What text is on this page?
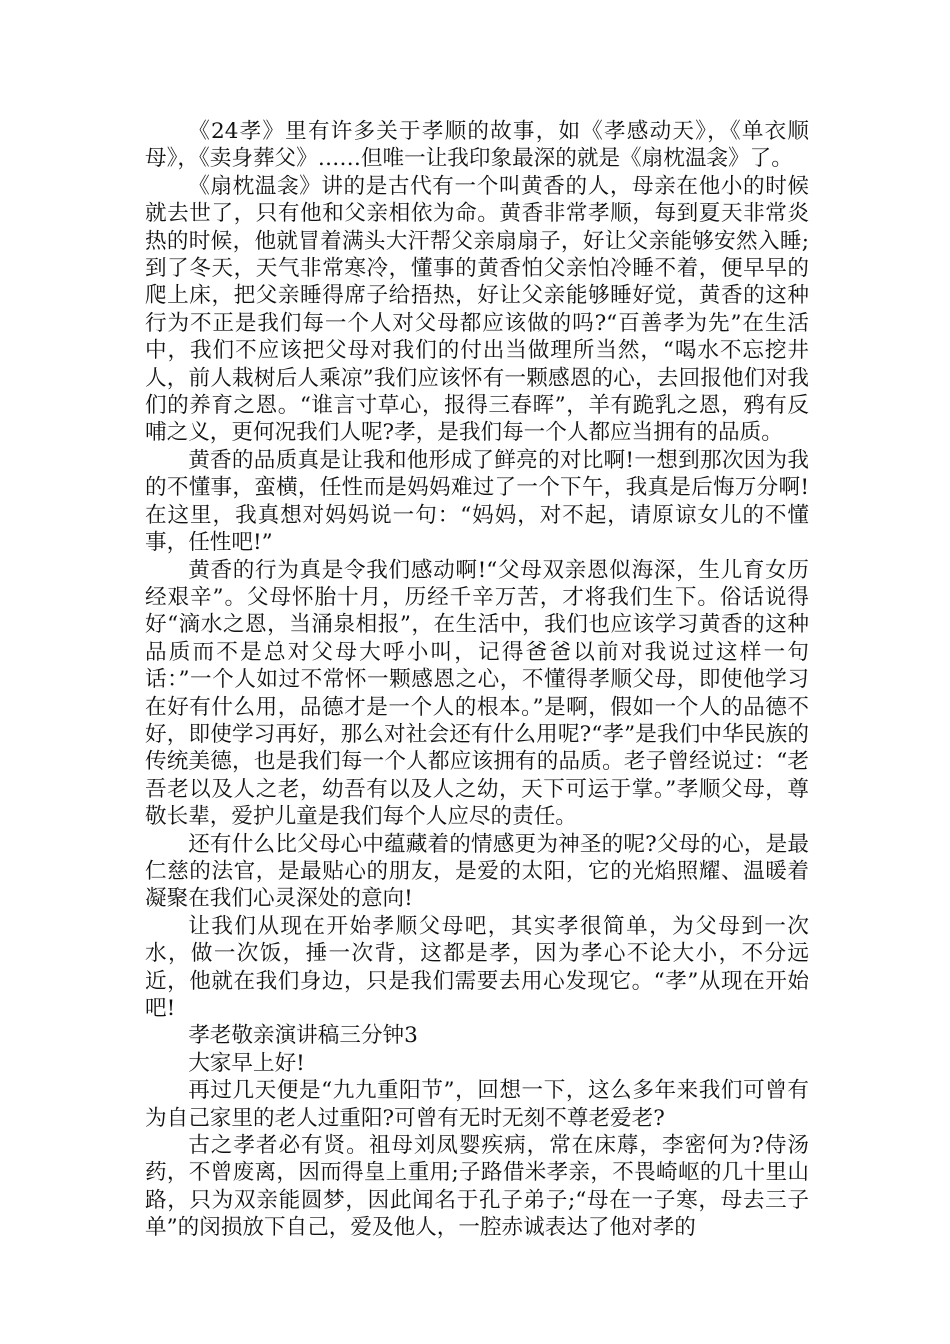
《24孝》里有许多关于孝顺的故事，如《孝感动天》，《单衣顺母》，《卖身葬父》……但唯一让我印象最深的就是《扇枕温衾》了。

《扇枕温衾》讲的是古代有一个叫黄香的人，母亲在他小的时候就去世了，只有他和父亲相依为命。黄香非常孝顺，每到夏天非常炎热的时候，他就冒着满头大汗帮父亲扇扇子，好让父亲能够安然入睡;到了冬天，天气非常寒冷，懂事的黄香怕父亲怕冷睡不着，便早早的爬上床，把父亲睡得席子给捂热，好让父亲能够睡好觉，黄香的这种行为不正是我们每一个人对父母都应该做的吗?“百善孝为先”在生活中，我们不应该把父母对我们的付出当做理所当然，“喝水不忘挖井人，前人栽树后人乘凉”我们应该怀有一颗感恩的心，去回报他们对我们的养育之恩。“谁言寸草心，报得三春晖”，羊有跪乳之恩，鸦有反哺之义，更何况我们人呢?孝，是我们每一个人都应当拥有的品质。

黄香的品质真是让我和他形成了鲜亮的对比啊!一想到那次因为我的不懂事，蛮横，任性而是妈妈难过了一个下午，我真是后悔万分啊!在这里，我真想对妈妈说一句：“妈妈，对不起，请原谅女儿的不懂事，任性吧!”

黄香的行为真是令我们感动啊!“父母双亲恩似海深，生儿育女历经艰辛”。父母怀胎十月，历经千辛万苦，才将我们生下。俗话说得好“滴水之恩，当涌泉相报”，在生活中，我们也应该学习黄香的这种品质而不是总对父母大呼小叫，记得爸爸以前对我说过这样一句话：”一个人如过不常怀一颗感恩之心，不懂得孝顺父母，即使他学习在好有什么用，品德才是一个人的根本。”是啊，假如一个人的品德不好，即使学习再好，那么对社会还有什么用呢?“孝”是我们中华民族的传统美德，也是我们每一个人都应该拥有的品质。老子曾经说过：“老吾老以及人之老，幼吾有以及人之幼，天下可运于掌。”孝顺父母，尊敬长辈，爱护儿童是我们每个人应尽的责任。

还有什么比父母心中蕴藏着的情感更为神圣的呢?父母的心，是最仁慈的法官，是最贴心的朋友，是爱的太阳，它的光焰照耀、温暖着凝聚在我们心灵深处的意向!

让我们从现在开始孝顺父母吧，其实孝很简单，为父母到一次水，做一次饭，捶一次背，这都是孝，因为孝心不论大小，不分远近，他就在我们身边，只是我们需要去用心发现它。“孝”从现在开始吧!

孝老敬亲演讲稿三分钟3

大家早上好!

再过几天便是“九九重阳节”，回想一下，这么多年来我们可曾有为自己家里的老人过重阳?可曾有无时无刻不尊老爱老?

古之孝者必有贤。祖母刘凤婴疾病，常在床蓐，李密何为?侍汤药，不曾废离，因而得皇上重用;子路借米孝亲，不畏崎岖的几十里山路，只为双亲能圆梦，因此闻名于孔子弟子;“母在一子寒，母去三子单”的闵损放下自己，爱及他人，一腔赤诚表达了他对孝的
